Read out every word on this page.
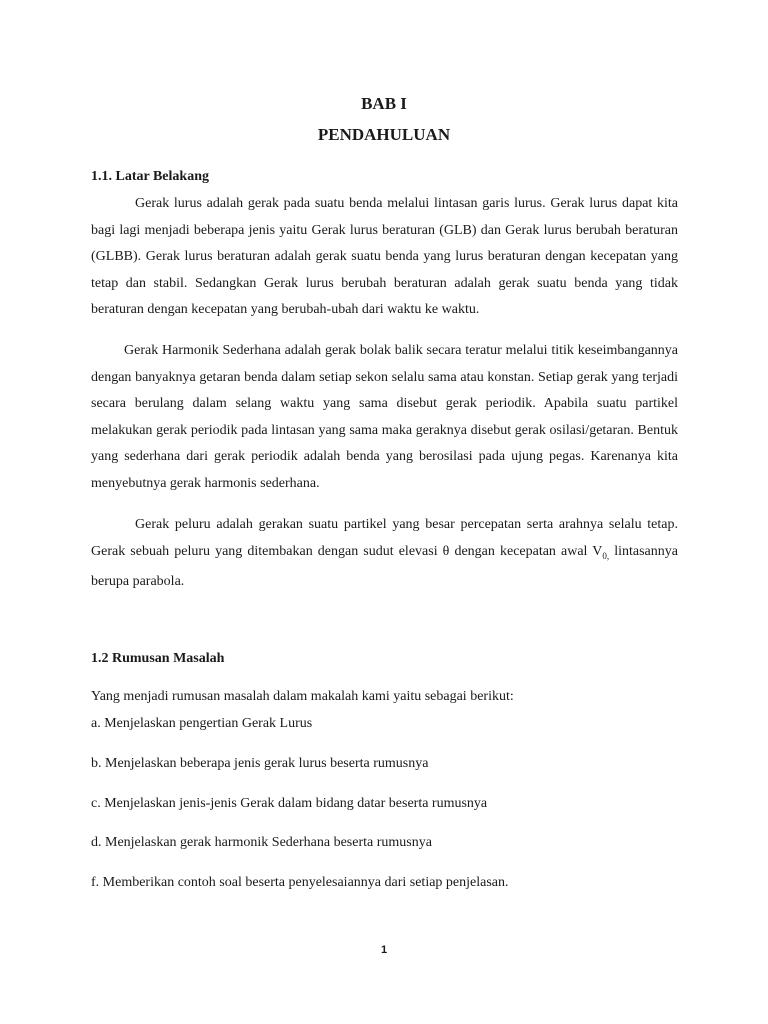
BAB I
PENDAHULUAN
1.1. Latar Belakang

Gerak lurus adalah gerak pada suatu benda melalui lintasan garis lurus. Gerak lurus dapat kita bagi lagi menjadi beberapa jenis yaitu Gerak lurus beraturan (GLB) dan Gerak lurus berubah beraturan (GLBB). Gerak lurus beraturan adalah gerak suatu benda yang lurus beraturan dengan kecepatan yang tetap dan stabil. Sedangkan Gerak lurus berubah beraturan adalah gerak suatu benda yang tidak beraturan dengan kecepatan yang berubah-ubah dari waktu ke waktu.

Gerak Harmonik Sederhana adalah gerak bolak balik secara teratur melalui titik keseimbangannya dengan banyaknya getaran benda dalam setiap sekon selalu sama atau konstan. Setiap gerak yang terjadi secara berulang dalam selang waktu yang sama disebut gerak periodik. Apabila suatu partikel melakukan gerak periodik pada lintasan yang sama maka geraknya disebut gerak osilasi/getaran. Bentuk yang sederhana dari gerak periodik adalah benda yang berosilasi pada ujung pegas. Karenanya kita menyebutnya gerak harmonis sederhana.

Gerak peluru adalah gerakan suatu partikel yang besar percepatan serta arahnya selalu tetap. Gerak sebuah peluru yang ditembakan dengan sudut elevasi θ dengan kecepatan awal $V_{0,}$ lintasannya berupa parabola.

1.2 Rumusan Masalah
Yang menjadi rumusan masalah dalam makalah kami yaitu sebagai berikut:
a. Menjelaskan pengertian Gerak Lurus
b. Menjelaskan beberapa jenis gerak lurus beserta rumusnya
c. Menjelaskan jenis-jenis Gerak dalam bidang datar beserta rumusnya
d. Menjelaskan gerak harmonik Sederhana beserta rumusnya
f. Memberikan contoh soal beserta penyelesaiannya dari setiap penjelasan.
1
